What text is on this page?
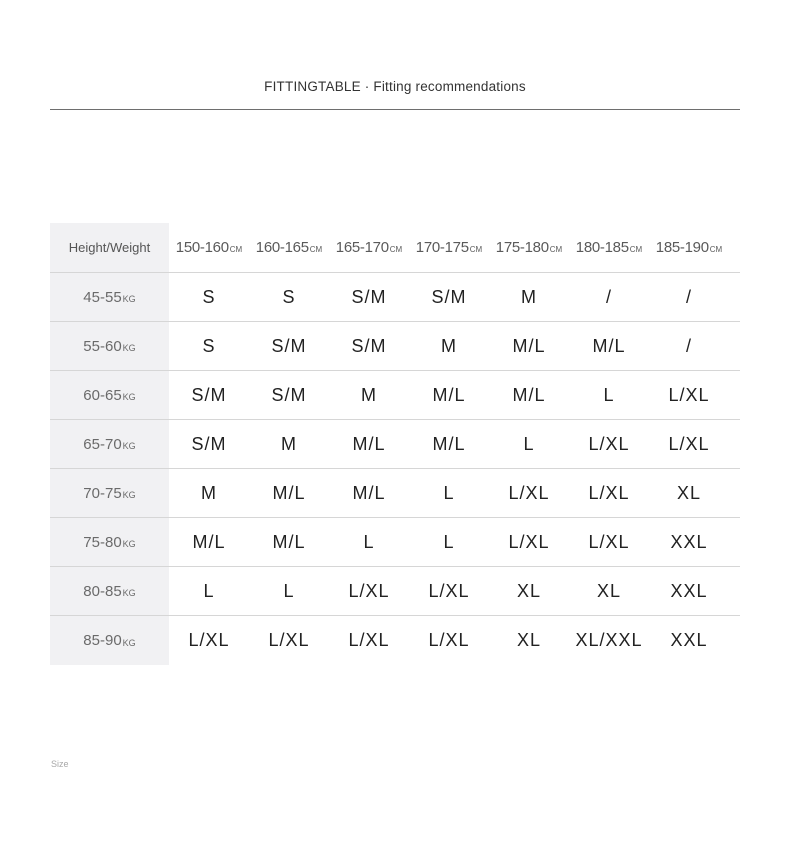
FITTINGTABLE · Fitting recommendations
Height/Weight	150-160 CM 160-165 CM 165-170 CM 170-175 CM 175-180 CM 180-185 CM 185-190 CM
45-55 KG	S	S	S/M	S/M	M	/	/
55-60 KG	S	S/M	S/M	M	M/L	M/L	/
60-65 KG	S/M	S/M	M	M/L	M/L	L	L/XL
65-70 KG	S/M	M	M/L	M/L	L	L/XL	L/XL
70-75 KG	M	M/L	M/L	L	L/XL	L/XL	XL
75-80 KG	M/L	M/L	L	L	L/XL	L/XL	XXL
80-85 KG	L	L	L/XL	L/XL	XL	XL	XXL
85-90 KG	L/XL	L/XL	L/XL	L/XL	XL	XL/XXL	XXL
Size
